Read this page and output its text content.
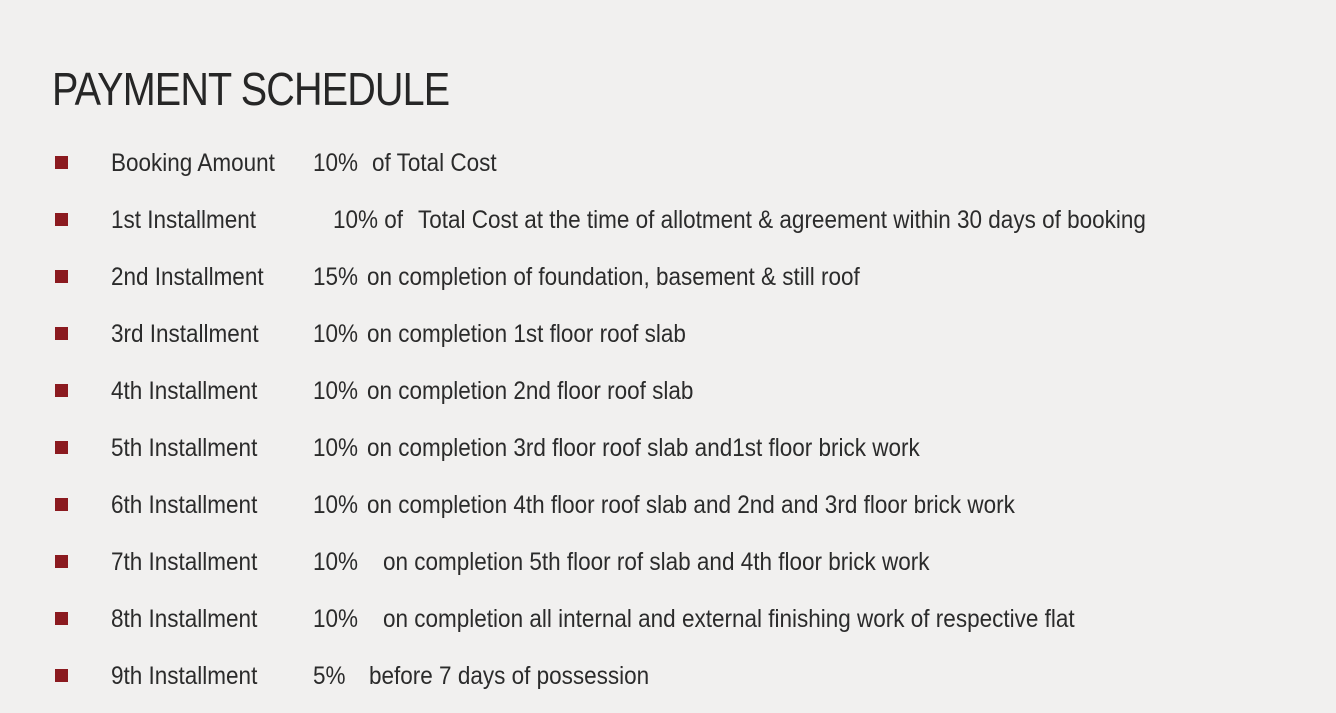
PAYMENT SCHEDULE
Booking Amount 10% of Total Cost
1st Installment	10% of Total Cost at the time of allotment & agreement within 30 days of booking
2nd Installment 15% on completion of foundation, basement & still roof
3rd Installment 10% on completion 1st floor roof slab
4th Installment 10% on completion 2nd floor roof slab
5th Installment 10% on completion 3rd floor roof slab and1st floor brick work
6th Installment 10% on completion 4th floor roof slab and 2nd and 3rd floor brick work
7th Installment 10% on completion 5th floor rof slab and 4th floor brick work
8th Installment 10% on completion all internal and external finishing work of respective flat
9th Installment 5% before 7 days of possession
